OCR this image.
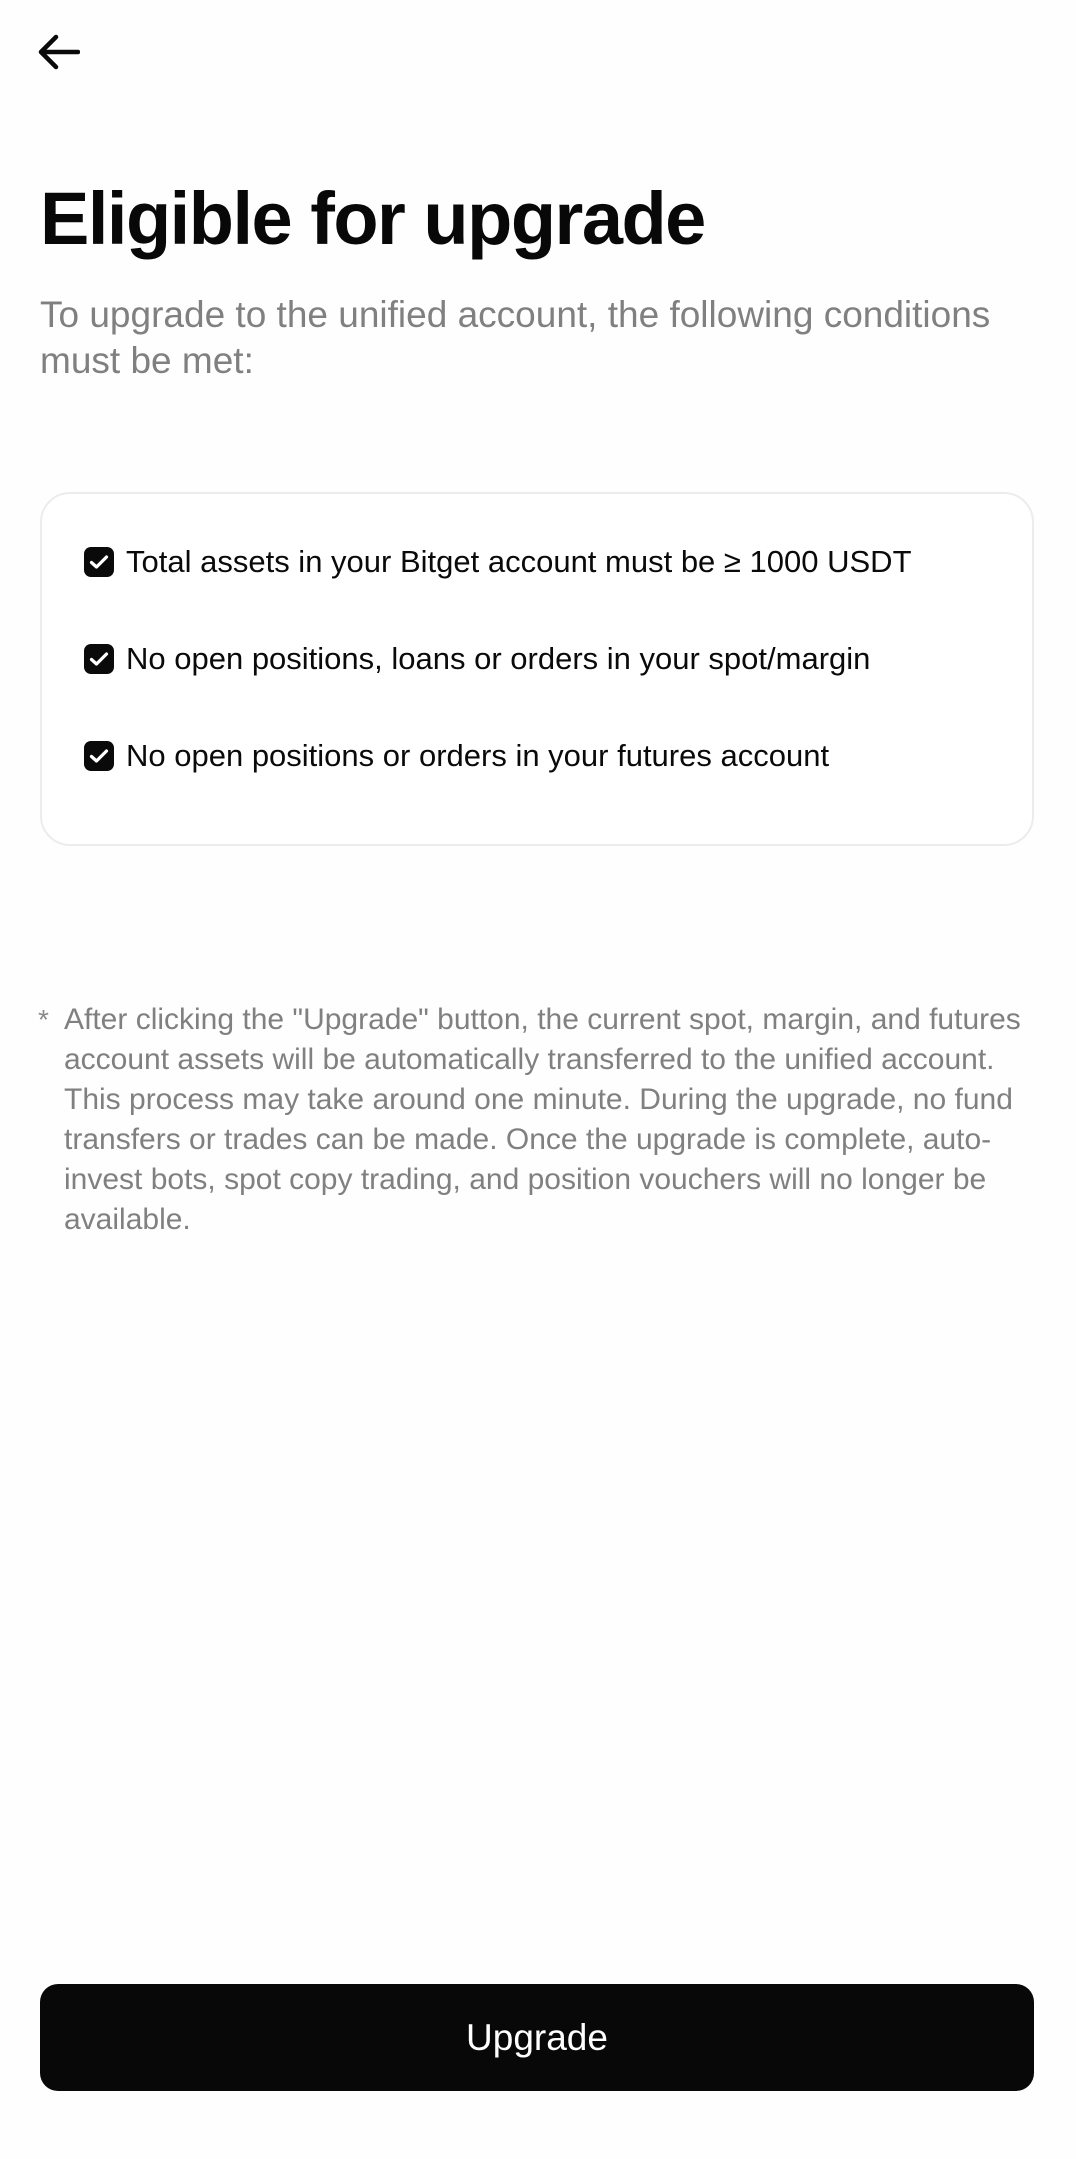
Eligible for upgrade

To upgrade to the unified account, the following conditions must be met:

Total assets in your Bitget account must be ≥ 1000 USDT
No open positions, loans or orders in your spot/margin
No open positions or orders in your futures account
* After clicking the "Upgrade" button, the current spot, margin, and futures account assets will be automatically transferred to the unified account. This process may take around one minute. During the upgrade, no fund transfers or trades can be made. Once the upgrade is complete, auto-invest bots, spot copy trading, and position vouchers will no longer be available.

Upgrade
